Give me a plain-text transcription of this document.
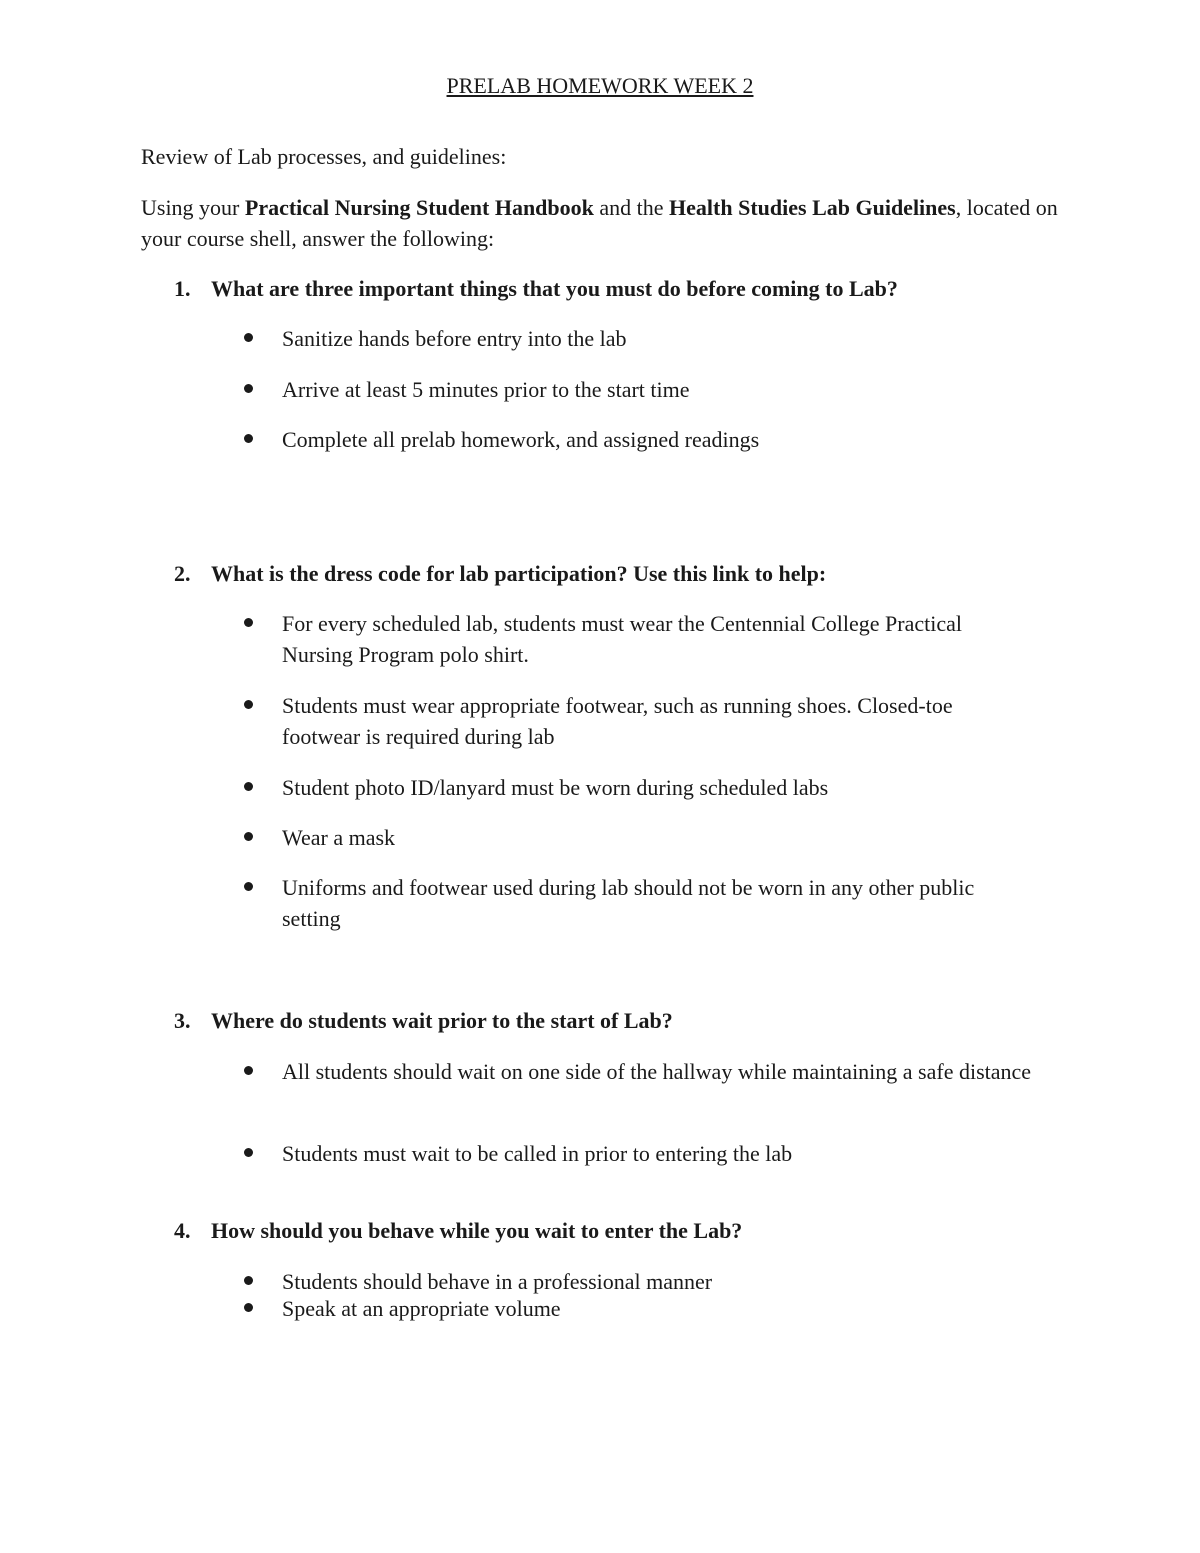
PRELAB HOMEWORK WEEK 2
Review of Lab processes, and guidelines:
Using your Practical Nursing Student Handbook and the Health Studies Lab Guidelines, located on your course shell, answer the following:
1. What are three important things that you must do before coming to Lab?
Sanitize hands before entry into the lab
Arrive at least 5 minutes prior to the start time
Complete all prelab homework, and assigned readings
2. What is the dress code for lab participation? Use this link to help:
For every scheduled lab, students must wear the Centennial College Practical Nursing Program polo shirt.
Students must wear appropriate footwear, such as running shoes. Closed-toe footwear is required during lab
Student photo ID/lanyard must be worn during scheduled labs
Wear a mask
Uniforms and footwear used during lab should not be worn in any other public setting
3. Where do students wait prior to the start of Lab?
All students should wait on one side of the hallway while maintaining a safe distance
Students must wait to be called in prior to entering the lab
4. How should you behave while you wait to enter the Lab?
Students should behave in a professional manner
Speak at an appropriate volume
